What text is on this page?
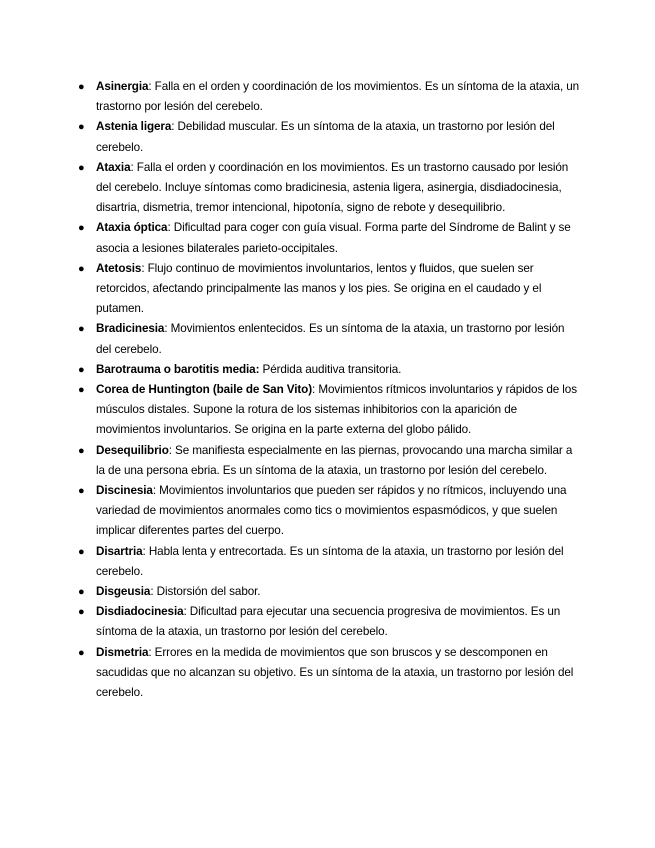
● Asinergia: Falla en el orden y coordinación de los movimientos. Es un síntoma de la ataxia, un trastorno por lesión del cerebelo.
● Astenia ligera: Debilidad muscular. Es un síntoma de la ataxia, un trastorno por lesión del cerebelo.
● Ataxia: Falla el orden y coordinación en los movimientos. Es un trastorno causado por lesión del cerebelo. Incluye síntomas como bradicinesia, astenia ligera, asinergia, disdiadocinesia, disartria, dismetria, tremor intencional, hipotonía, signo de rebote y desequilibrio.
● Ataxia óptica: Dificultad para coger con guía visual. Forma parte del Síndrome de Balint y se asocia a lesiones bilaterales parieto-occipitales.
● Atetosis: Flujo continuo de movimientos involuntarios, lentos y fluidos, que suelen ser retorcidos, afectando principalmente las manos y los pies. Se origina en el caudado y el putamen.
● Bradicinesia: Movimientos enlentecidos. Es un síntoma de la ataxia, un trastorno por lesión del cerebelo.
● Barotrauma o barotitis media: Pérdida auditiva transitoria.
● Corea de Huntington (baile de San Vito): Movimientos rítmicos involuntarios y rápidos de los músculos distales. Supone la rotura de los sistemas inhibitorios con la aparición de movimientos involuntarios. Se origina en la parte externa del globo pálido.
● Desequilibrio: Se manifiesta especialmente en las piernas, provocando una marcha similar a la de una persona ebria. Es un síntoma de la ataxia, un trastorno por lesión del cerebelo.
● Discinesia: Movimientos involuntarios que pueden ser rápidos y no rítmicos, incluyendo una variedad de movimientos anormales como tics o movimientos espasmódicos, y que suelen implicar diferentes partes del cuerpo.
● Disartria: Habla lenta y entrecortada. Es un síntoma de la ataxia, un trastorno por lesión del cerebelo.
● Disgeusia: Distorsión del sabor.
● Disdiadocinesia: Dificultad para ejecutar una secuencia progresiva de movimientos. Es un síntoma de la ataxia, un trastorno por lesión del cerebelo.
● Dismetria: Errores en la medida de movimientos que son bruscos y se descomponen en sacudidas que no alcanzan su objetivo. Es un síntoma de la ataxia, un trastorno por lesión del cerebelo.
